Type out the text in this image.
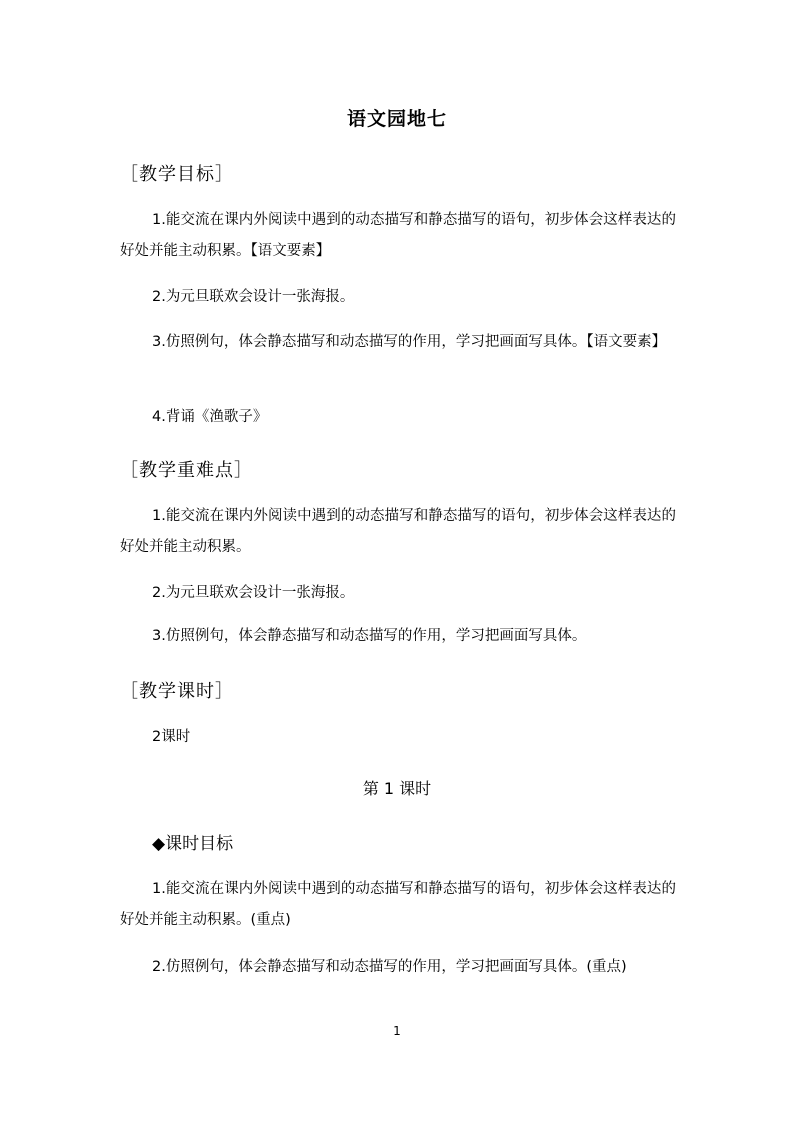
语文园地七
［教学目标］
1.能交流在课内外阅读中遇到的动态描写和静态描写的语句，初步体会这样表达的好处并能主动积累。【语文要素】
2.为元旦联欢会设计一张海报。
3.仿照例句，体会静态描写和动态描写的作用，学习把画面写具体。【语文要素】
4.背诵《渔歌子》
［教学重难点］
1.能交流在课内外阅读中遇到的动态描写和静态描写的语句，初步体会这样表达的好处并能主动积累。
2.为元旦联欢会设计一张海报。
3.仿照例句，体会静态描写和动态描写的作用，学习把画面写具体。
［教学课时］
2课时
第 1 课时
◆课时目标
1.能交流在课内外阅读中遇到的动态描写和静态描写的语句，初步体会这样表达的好处并能主动积累。(重点)
2.仿照例句，体会静态描写和动态描写的作用，学习把画面写具体。(重点)
1
